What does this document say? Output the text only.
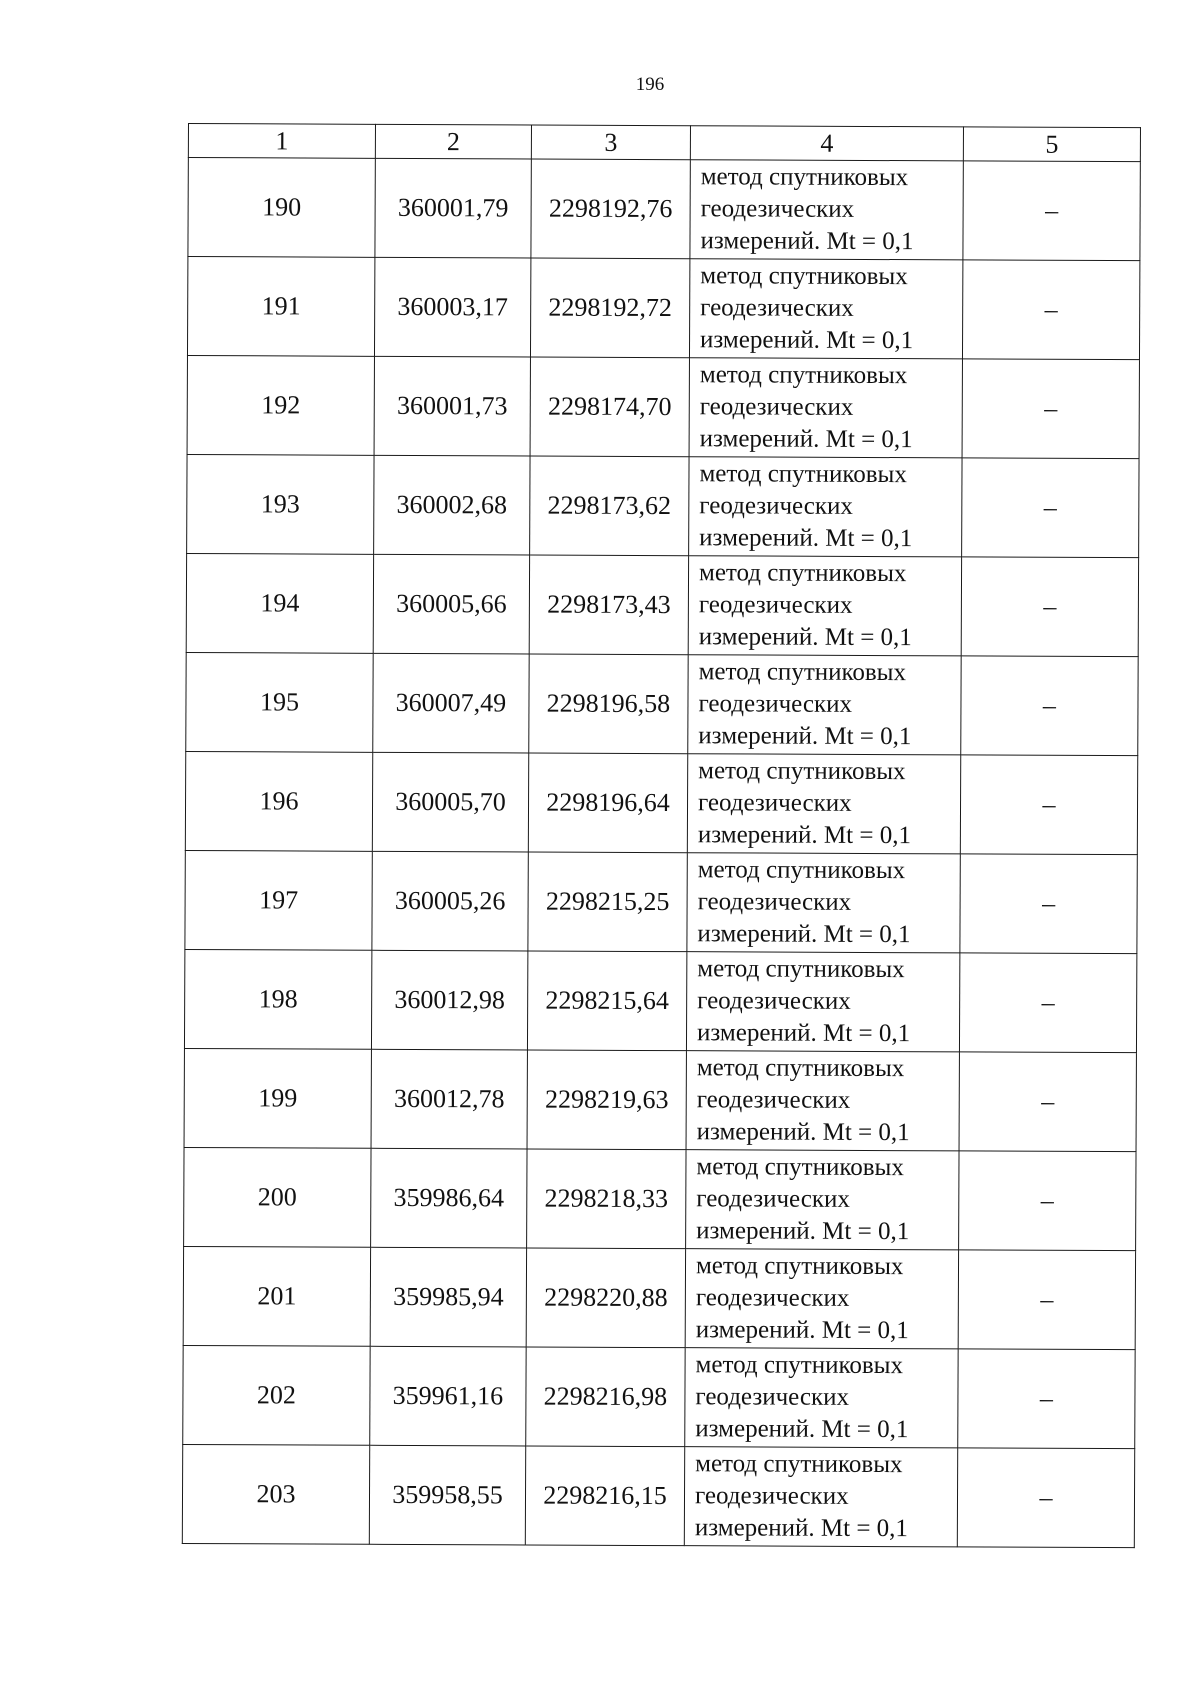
196
1	2	3	4	5
190	360001,79	2298192,76	метод спутниковых
геодезических
измерений. Mt = 0,1	–
191	360003,17	2298192,72	метод спутниковых
геодезических
измерений. Mt = 0,1	–
192	360001,73	2298174,70	метод спутниковых
геодезических
измерений. Mt = 0,1	–
193	360002,68	2298173,62	метод спутниковых
геодезических
измерений. Mt = 0,1	–
194	360005,66	2298173,43	метод спутниковых
геодезических
измерений. Mt = 0,1	–
195	360007,49	2298196,58	метод спутниковых
геодезических
измерений. Mt = 0,1	–
196	360005,70	2298196,64	метод спутниковых
геодезических
измерений. Mt = 0,1	–
197	360005,26	2298215,25	метод спутниковых
геодезических
измерений. Mt = 0,1	–
198	360012,98	2298215,64	метод спутниковых
геодезических
измерений. Mt = 0,1	–
199	360012,78	2298219,63	метод спутниковых
геодезических
измерений. Mt = 0,1	–
200	359986,64	2298218,33	метод спутниковых
геодезических
измерений. Mt = 0,1	–
201	359985,94	2298220,88	метод спутниковых
геодезических
измерений. Mt = 0,1	–
202	359961,16	2298216,98	метод спутниковых
геодезических
измерений. Mt = 0,1	–
203	359958,55	2298216,15	метод спутниковых
геодезических
измерений. Mt = 0,1	–
